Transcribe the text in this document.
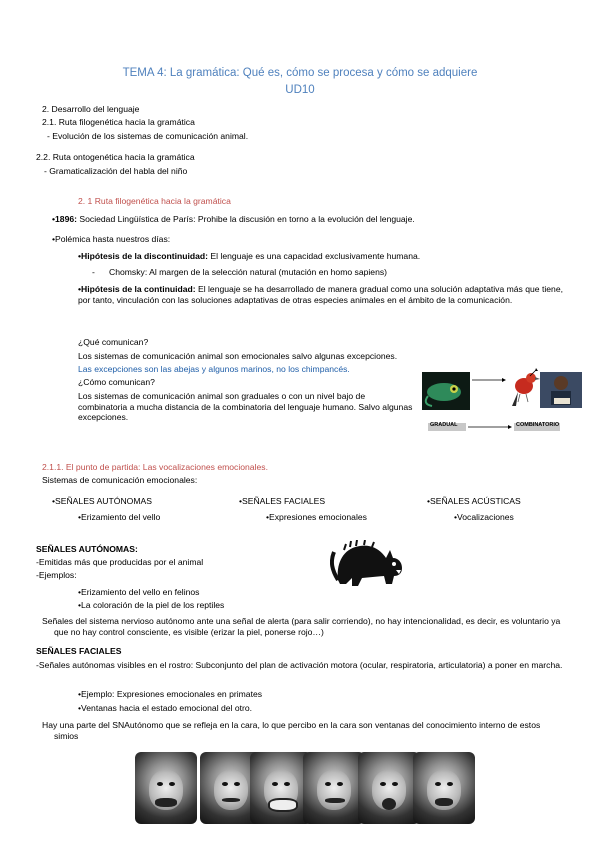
TEMA 4: La gramática: Qué es, cómo se procesa y cómo se adquiere
UD10
2. Desarrollo del lenguaje
2.1. Ruta filogenética hacia la gramática
- Evolución de los sistemas de comunicación animal.
2.2. Ruta ontogenética hacia la gramática
- Gramaticalización del habla del niño
2. 1 Ruta filogenética hacia la gramática
•1896: Sociedad Lingüística de París: Prohibe la discusión en torno a la evolución del lenguaje.
•Polémica hasta nuestros días:
•Hipótesis de la discontinuidad: El lenguaje es una capacidad exclusivamente humana.
- Chomsky: Al margen de la selección natural (mutación en homo sapiens)
•Hipótesis de la continuidad: El lenguaje se ha desarrollado de manera gradual como una solución adaptativa más que tiene, por tanto, vinculación con las soluciones adaptativas de otras especies animales en el ámbito de la comunicación.
¿Qué comunican?
Los sistemas de comunicación animal son emocionales salvo algunas excepciones.
Las excepciones son las abejas y algunos marinos, no los chimpancés.
¿Cómo comunican?
Los sistemas de comunicación animal son graduales o con un nivel bajo de combinatoria a mucha distancia de la combinatoria del lenguaje humano. Salvo algunas excepciones.
GRADUAL	COMBINATORIO
2.1.1. El punto de partida: Las vocalizaciones emocionales.
Sistemas de comunicación emocionales:
•SEÑALES AUTÓNOMAS
•Erizamiento del vello
•SEÑALES FACIALES
•Expresiones emocionales
•SEÑALES ACÚSTICAS
•Vocalizaciones
SEÑALES AUTÓNOMAS:
-Emitidas más que producidas por el animal
-Ejemplos:
•Erizamiento del vello en felinos
•La coloración de la piel de los reptiles
Señales del sistema nervioso autónomo ante una señal de alerta (para salir corriendo), no hay intencionalidad, es decir, es voluntario ya que no hay control consciente, es visible (erizar la piel, ponerse rojo…)
SEÑALES FACIALES
-Señales autónomas visibles en el rostro: Subconjunto del plan de activación motora (ocular, respiratoria, articulatoria) a poner en marcha.
•Ejemplo: Expresiones emocionales en primates
•Ventanas hacia el estado emocional del otro.
Hay una parte del SNAutónomo que se refleja en la cara, lo que percibo en la cara son ventanas del conocimiento interno de estos simios
